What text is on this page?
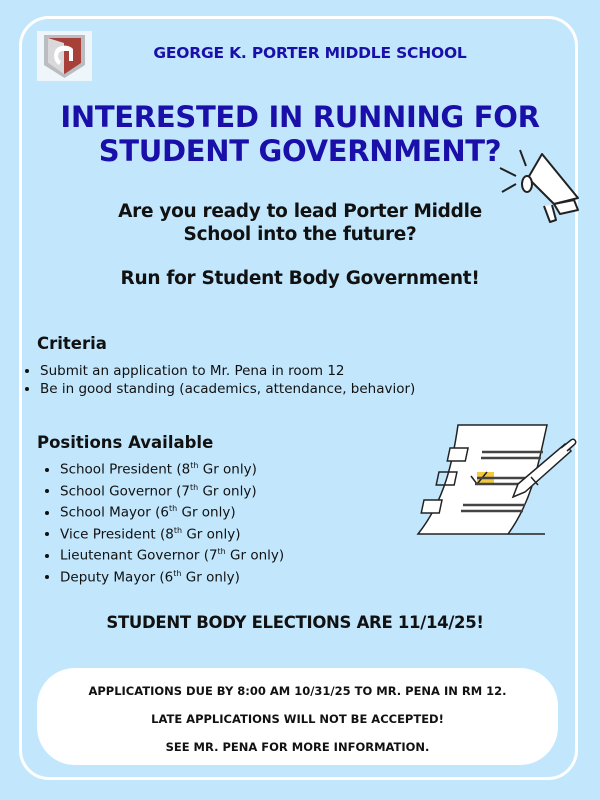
GEORGE K. PORTER MIDDLE SCHOOL
INTERESTED IN RUNNING FOR
STUDENT GOVERNMENT?
Are you ready to lead Porter Middle
School into the future?
Run for Student Body Government!
Criteria
• Submit an application to Mr. Pena in room 12
• Be in good standing (academics, attendance, behavior)
Positions Available
• School President (8th Gr only)
• School Governor (7th Gr only)
• School Mayor (6th Gr only)
• Vice President (8th Gr only)
• Lieutenant Governor (7th Gr only)
• Deputy Mayor (6th Gr only)
STUDENT BODY ELECTIONS ARE 11/14/25!
APPLICATIONS DUE BY 8:00 AM 10/31/25 TO MR. PENA IN RM 12.
LATE APPLICATIONS WILL NOT BE ACCEPTED!
SEE MR. PENA FOR MORE INFORMATION.
